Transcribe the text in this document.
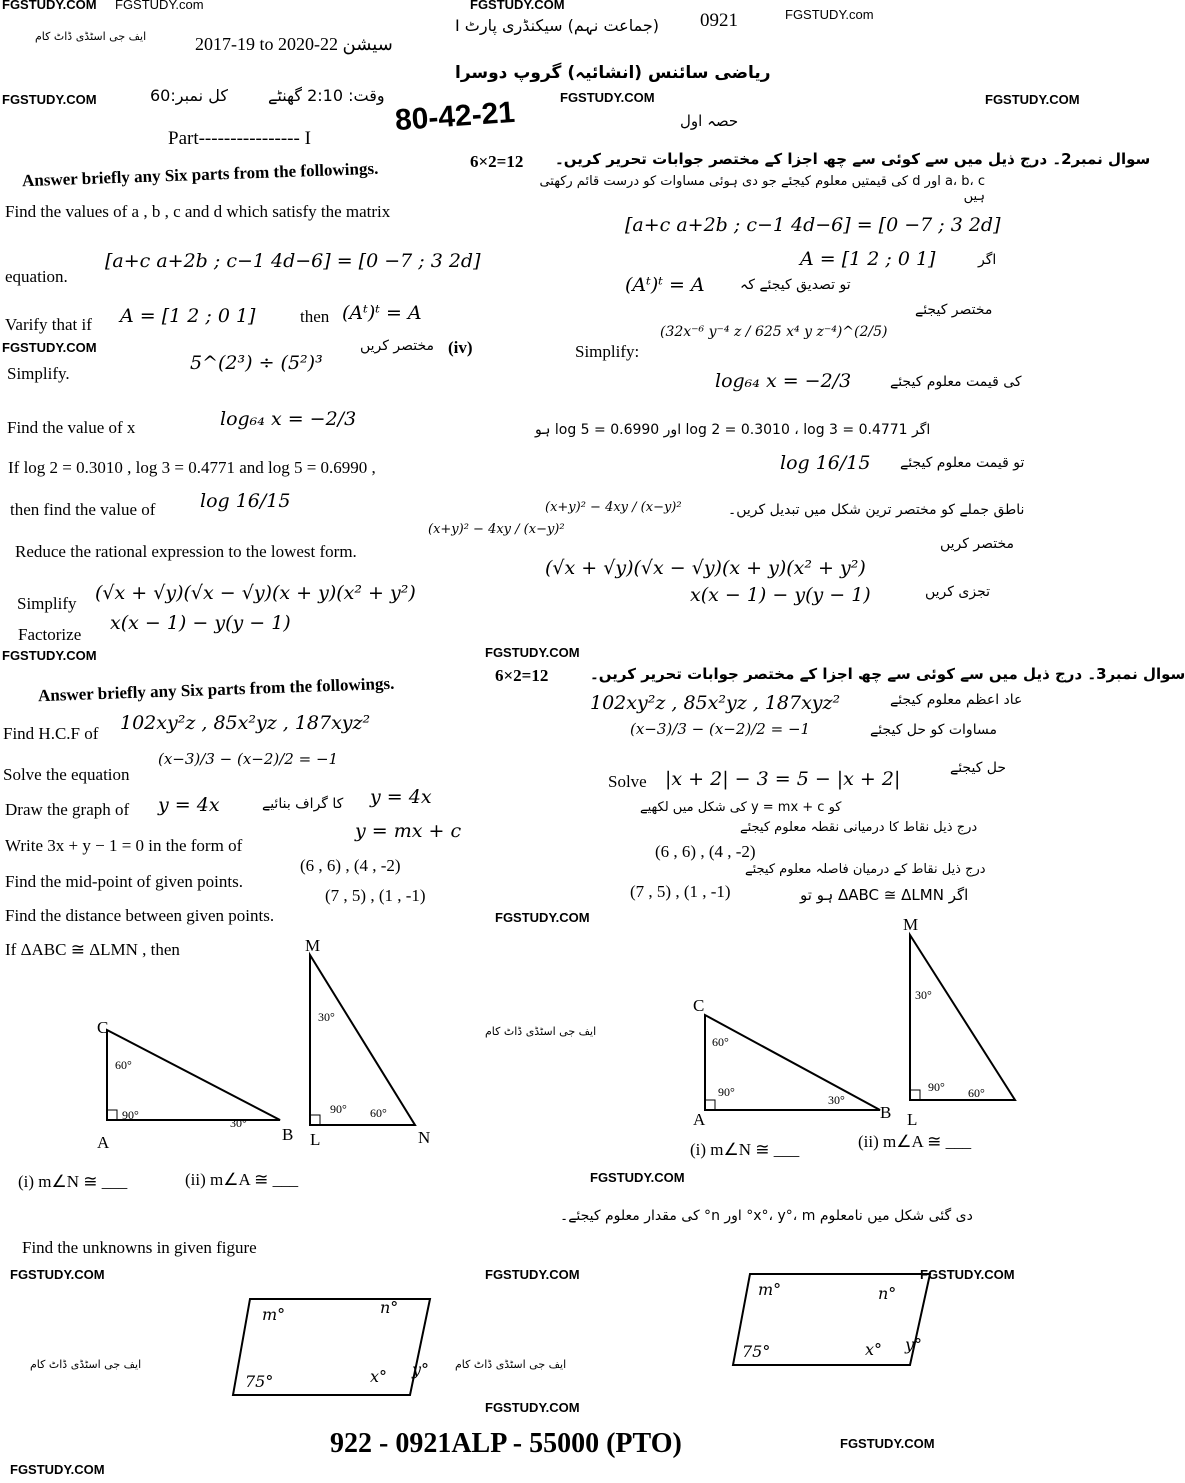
FGSTUDY.COM FGSTUDY.com	FGSTUDY.COM
FGSTUDY.com
FGSTUDY.COM	FGSTUDY.COM	FGSTUDY.COM
FGSTUDY.COM
FGSTUDY.COM	FGSTUDY.COM
FGSTUDY.COM
FGSTUDY.COM
FGSTUDY.COM	FGSTUDY.COM	FGSTUDY.COM
FGSTUDY.COM
FGSTUDY.COM
FGSTUDY.COM
ایف جی اسٹڈی ڈاٹ کام
ایف جی اسٹڈی ڈاٹ کام
ایف جی اسٹڈی ڈاٹ کام	ایف جی اسٹڈی ڈاٹ کام
0921
(جماعت نہم) سیکنڈری پارٹ I
2017-19 to 2020-22 سیشن
ریاضی سائنس (انشائیہ) گروپ دوسرا
وقت: 2:10 گھنٹے
کل نمبر:60
Part---------------- I
80-42-21	حصہ اول
Answer briefly any Six parts from the followings.	6×2=12 سوال نمبر2۔ درج ذیل میں سے کوئی سے چھ اجزا کے مختصر جوابات تحریر کریں۔
Find the values of a , b , c and d which satisfy the matrix
equation.
[a+c a+2b ; c−1 4d−6] = [0 −7 ; 3 2d]
Varify that if A = [1 2 ; 0 1]	then (Aᵗ)ᵗ = A
Simplify.	5^(2³) ÷ (5²)³
مختصر کریں (iv)
Find the value of x	log₆₄ x = −2/3
If log 2 = 0.3010 , log 3 = 0.4771 and log 5 = 0.6990 ,
then find the value of log 16/15
Reduce the rational expression to the lowest form.
(x+y)² − 4xy / (x−y)²
Simplify (√x + √y)(√x − √y)(x + y)(x² + y²)
Factorize
x(x − 1) − y(y − 1)
a، b، c اور d کی قیمتیں معلوم کیجئے جو دی ہوئی مساوات کو درست قائم رکھتی ہیں
[a+c a+2b ; c−1 4d−6] = [0 −7 ; 3 2d]
(Aᵗ)ᵗ = A	تو تصدیق کیجئے کہ
A = [1 2 ; 0 1]	اگر
Simplify:
(32x⁻⁶ y⁻⁴ z / 625 x⁴ y z⁻⁴)^(2/5)
مختصر کیجئے
log₆₄ x = −2/3	کی قیمت معلوم کیجئے
اگر log 2 = 0.3010 ، log 3 = 0.4771 اور log 5 = 0.6990 ہو
log 16/15 تو قیمت معلوم کیجئے
(x+y)² − 4xy / (x−y)²	ناطق جملے کو مختصر ترین شکل میں تبدیل کریں۔
(√x + √y)(√x − √y)(x + y)(x² + y²)
مختصر کریں
x(x − 1) − y(y − 1)	تجزی کریں
Answer briefly any Six parts from the followings.	6×2=12	سوال نمبر3۔ درج ذیل میں سے کوئی سے چھ اجزا کے مختصر جوابات تحریر کریں۔
Find H.C.F of 102xy²z , 85x²yz , 187xyz²
Solve the equation
(x−3)/3 − (x−2)/2 = −1
Draw the graph of y = 4x	کا گراف بنائیے y = 4x
Write 3x + y − 1 = 0 in the form of
y = mx + c
Find the mid-point of given points.
(6 , 6) , (4 , -2)
Find the distance between given points.
(7 , 5) , (1 , -1)
If ΔABC ≅ ΔLMN , then
عاد اعظم معلوم کیجئے
102xy²z , 85x²yz , 187xyz²
مساوات کو حل کیجئے
(x−3)/3 − (x−2)/2 = −1
Solve |x + 2| − 3 = 5 − |x + 2|	حل کیجئے
کو y = mx + c کی شکل میں لکھیے
درج ذیل نقاط کا درمیانی نقطہ معلوم کیجئے
(6 , 6) , (4 , -2)
درج ذیل نقاط کے درمیان فاصلہ معلوم کیجئے
(7 , 5) , (1 , -1)	اگر ΔABC ≅ ΔLMN ہو تو
C
A	B
60°
90°
30°
M
L	N
30°
90° 60°
(i) m∠N ≅ ___	(ii) m∠A ≅ ___
C
A	B
60°
90°
30°
M
L
30°
90° 60°
(i) m∠N ≅ ___	(ii) m∠A ≅ ___
دی گئی شکل میں نامعلوم x°، y°، m° اور n° کی مقدار معلوم کیجئے۔
Find the unknowns in given figure
m°	n°
75°	x° y°
m°	n°
75°	x° y°
922 - 0921ALP - 55000 (PTO)
